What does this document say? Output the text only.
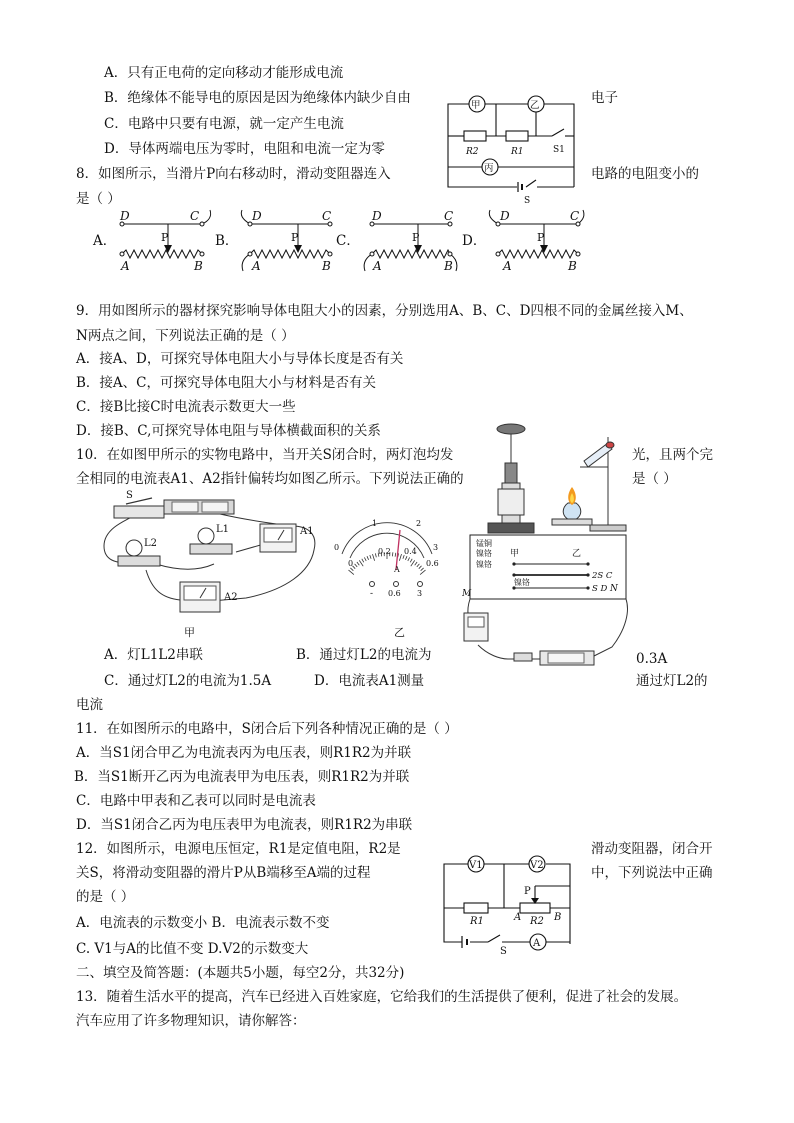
A．只有正电荷的定向移动才能形成电流
B．绝缘体不能导电的原因是因为绝缘体内缺少自由	电子
C．电路中只要有电源，就一定产生电流
D．导体两端电压为零时，电阻和电流一定为零
甲	乙
丙
R2	R1	S1
S
8．如图所示，当滑片P向右移动时，滑动变阻器连入	电路的电阻变小的
是（ ）
A．
D	C
P
A	B
B．
D	C
P
A	B
C．
D	C
P
A	B
D．
D	C
P
A	B
9．用如图所示的器材探究影响导体电阻大小的因素，分别选用A、B、C、D四根不同的金属丝接入M、
N两点之间，下列说法正确的是（ ）
A．接A、D，可探究导体电阻大小与导体长度是否有关
B．接A、C，可探究导体电阻大小与材料是否有关
C．接B比接C时电流表示数更大一些
D．接B、C,可探究导体电阻与导体横截面积的关系
锰铜
镍铬
镍铬
甲	乙
2S C
镍铬
S D
M	N
10．在如图甲所示的实物电路中，当开关S闭合时，两灯泡均发	光，且两个完
全相同的电流表A1、A2指针偏转均如图乙所示。下列说法正确的	是（ ）
S
L2
L1	A1
A2
甲
1	2
0	3
0.2 0.4
0	0.6
A
- 0.6 3
乙
A．灯L1L2串联	B．通过灯L2的电流为	0.3A
C．通过灯L2的电流为1.5A	D．电流表A1测量	通过灯L2的
电流
11．在如图所示的电路中，S闭合后下列各种情况正确的是（ ）
A．当S1闭合甲乙为电流表丙为电压表，则R1R2为并联
B．当S1断开乙丙为电流表甲为电压表，则R1R2为并联
C．电路中甲表和乙表可以同时是电流表
D．当S1闭合乙丙为电压表甲为电流表，则R1R2为串联
12．如图所示，电源电压恒定，R1是定值电阻，R2是	滑动变阻器，闭合开
关S，将滑动变阻器的滑片P从B端移至A端的过程	中，下列说法中正确
的是（ ）
A．电流表的示数变小 B．电流表示数不变
C. V1与A的比值不变 D.V2的示数变大
V1	V2
R1
P
A R2 B
S
A
二、填空及简答题：(本题共5小题，每空2分，共32分)
13．随着生活水平的提高，汽车已经进入百姓家庭，它给我们的生活提供了便利，促进了社会的发展。
汽车应用了许多物理知识，请你解答：
